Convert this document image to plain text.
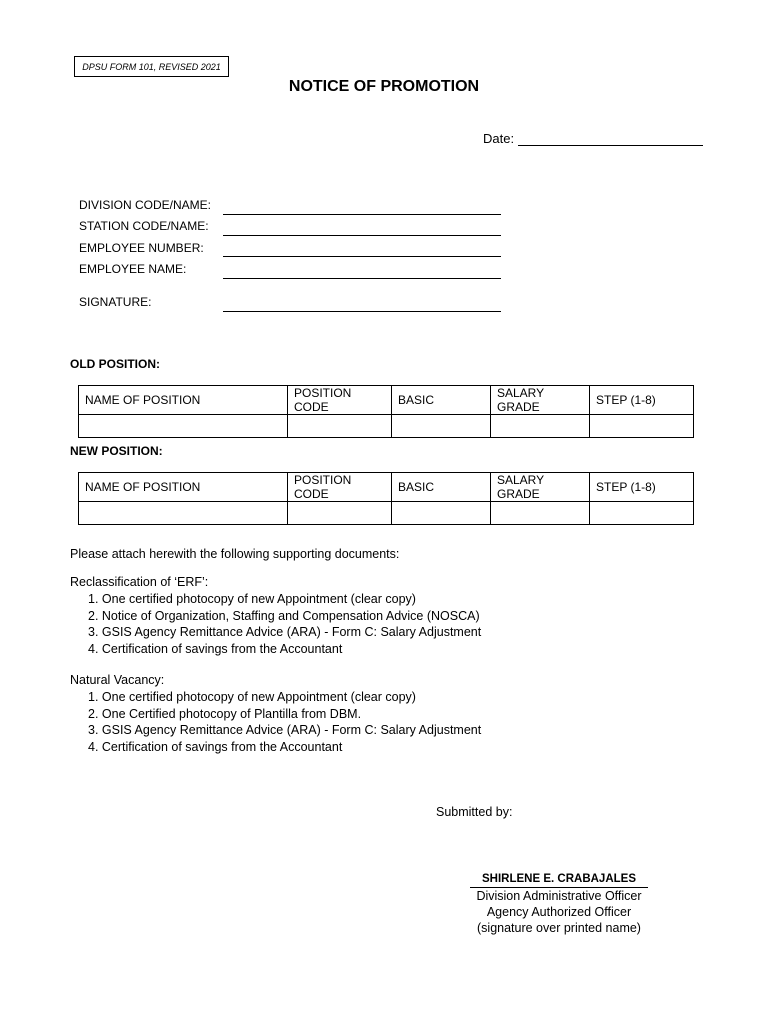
DPSU FORM 101, REVISED 2021
NOTICE OF PROMOTION
Date:
DIVISION CODE/NAME:
STATION CODE/NAME:
EMPLOYEE NUMBER:
EMPLOYEE NAME:
SIGNATURE:
OLD POSITION:
NAME OF POSITION	POSITION CODE	BASIC	SALARY GRADE	STEP (1-8)

NEW POSITION:
NAME OF POSITION	POSITION CODE	BASIC	SALARY GRADE	STEP (1-8)

Please attach herewith the following supporting documents:
Reclassification of ‘ERF’:
1. One certified photocopy of new Appointment (clear copy)
2. Notice of Organization, Staffing and Compensation Advice (NOSCA)
3. GSIS Agency Remittance Advice (ARA) - Form C: Salary Adjustment
4. Certification of savings from the Accountant
Natural Vacancy:
1. One certified photocopy of new Appointment (clear copy)
2. One Certified photocopy of Plantilla from DBM.
3. GSIS Agency Remittance Advice (ARA) - Form C: Salary Adjustment
4. Certification of savings from the Accountant
Submitted by:
SHIRLENE E. CRABAJALES
Division Administrative Officer
Agency Authorized Officer
(signature over printed name)
